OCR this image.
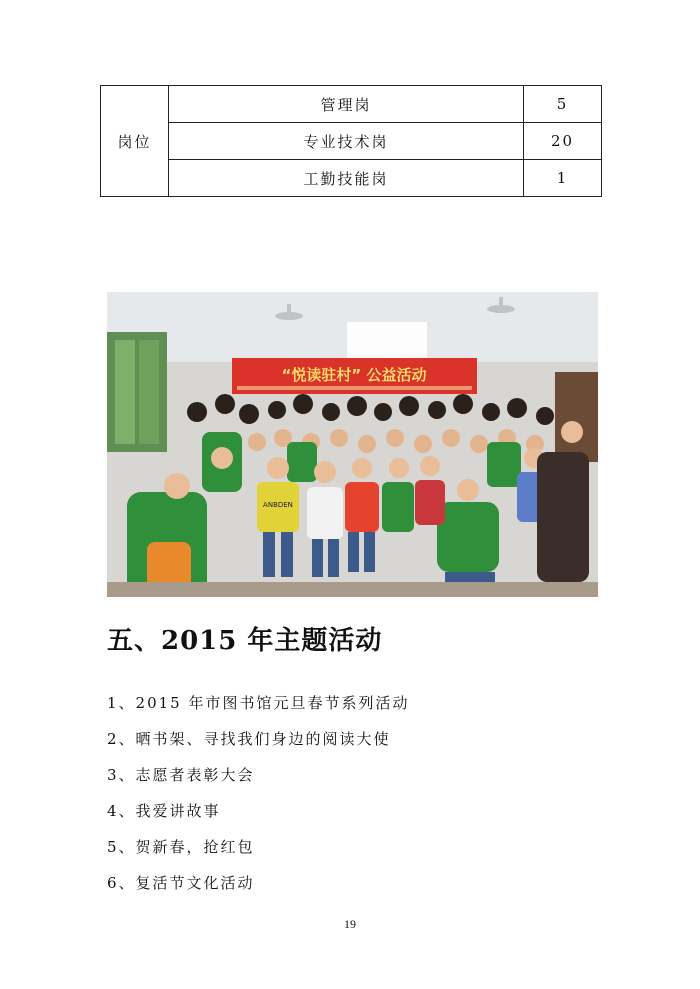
岗位	管理岗	5
	专业技术岗	20
	工勤技能岗	1
“悦读驻村” 公益活动
ANBDEN
五、2015 年主题活动
1、2015 年市图书馆元旦春节系列活动
2、晒书架、寻找我们身边的阅读大使
3、志愿者表彰大会
4、我爱讲故事
5、贺新春，抢红包
6、复活节文化活动
19
